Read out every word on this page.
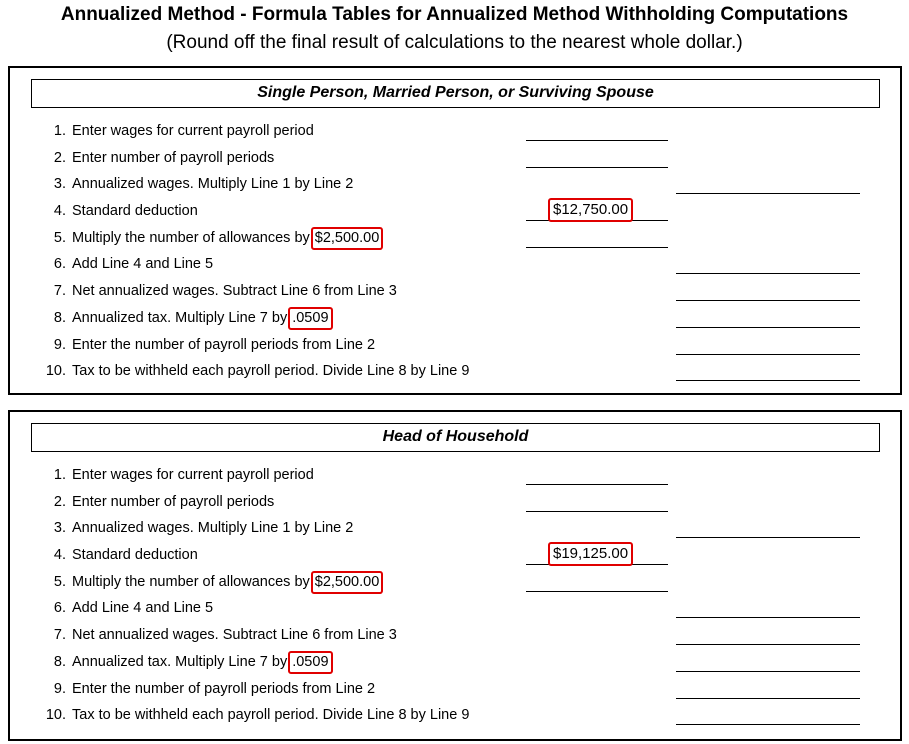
Annualized Method - Formula Tables for Annualized Method Withholding Computations
(Round off the final result of calculations to the nearest whole dollar.)
Single Person, Married Person, or Surviving Spouse
1. Enter wages for current payroll period
2. Enter number of payroll periods
3. Annualized wages. Multiply Line 1 by Line 2
4. Standard deduction	$12,750.00
5. Multiply the number of allowances by $2,500.00
6. Add Line 4 and Line 5
7. Net annualized wages. Subtract Line 6 from Line 3
8. Annualized tax. Multiply Line 7 by .0509
9. Enter the number of payroll periods from Line 2
10. Tax to be withheld each payroll period. Divide Line 8 by Line 9
Head of Household
1. Enter wages for current payroll period
2. Enter number of payroll periods
3. Annualized wages. Multiply Line 1 by Line 2
4. Standard deduction	$19,125.00
5. Multiply the number of allowances by $2,500.00
6. Add Line 4 and Line 5
7. Net annualized wages. Subtract Line 6 from Line 3
8. Annualized tax. Multiply Line 7 by .0509
9. Enter the number of payroll periods from Line 2
10. Tax to be withheld each payroll period. Divide Line 8 by Line 9
